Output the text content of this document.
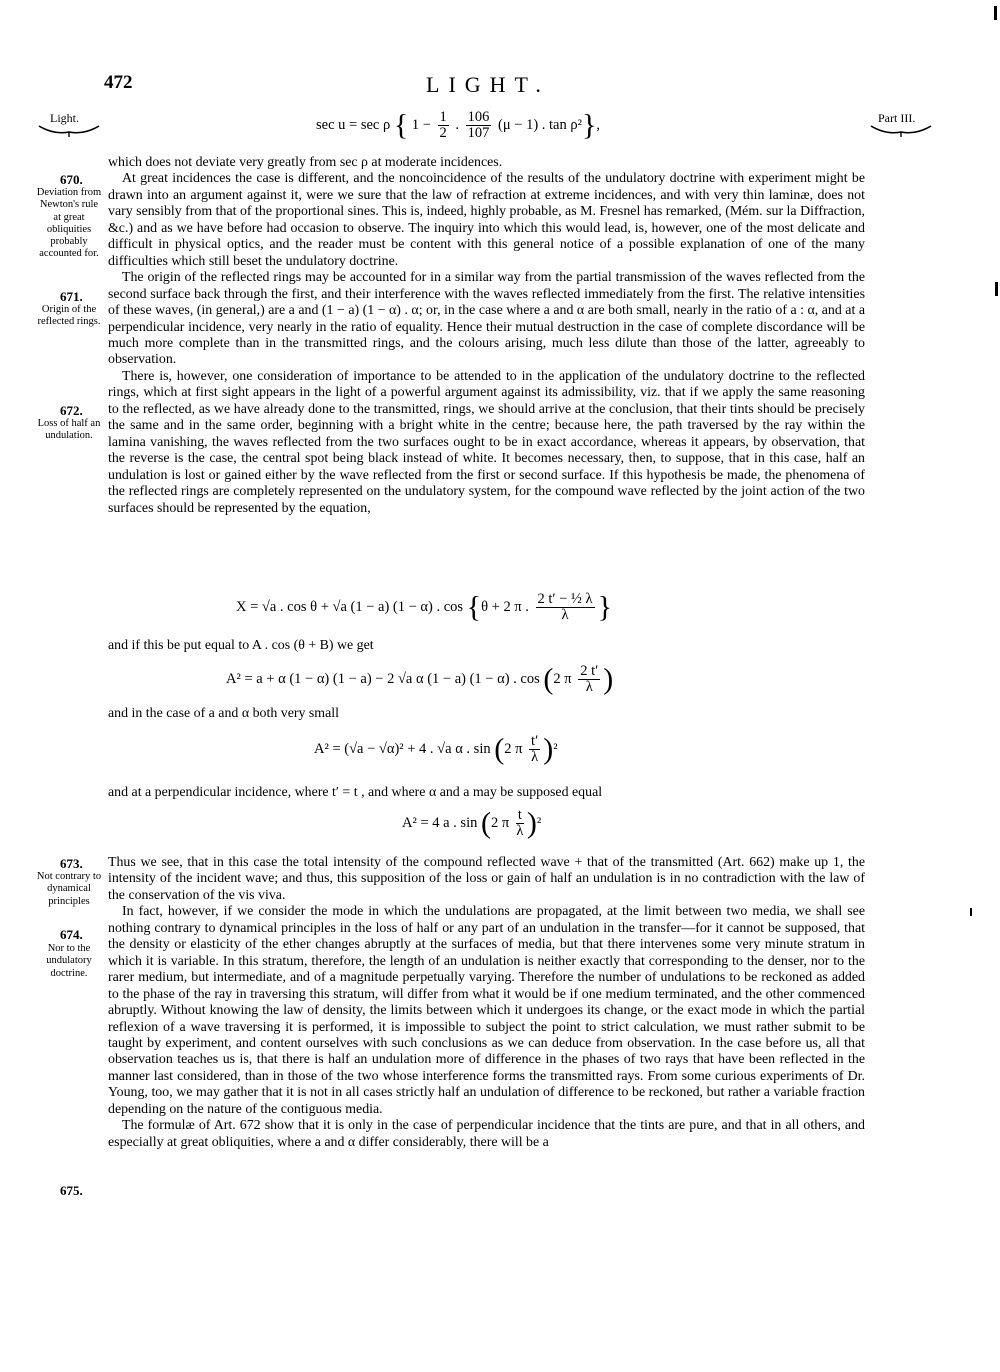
472	LIGHT.
Light.	Part III.
sec u = sec ρ { $1 - \frac{1}{2}$ . $\frac{106}{107} (\mu - 1)$ . tan ρ²},
670.
Deviation from Newton's rule at great obliquities probably accounted for.
671.
Origin of the reflected rings.
672.
Loss of half an undulation.
673.
Not contrary to dynamical principles
674.
Nor to the undulatory doctrine.
675.

which does not deviate very greatly from sec ρ at moderate incidences.

At great incidences the case is different, and the noncoincidence of the results of the undulatory doctrine with experiment might be drawn into an argument against it, were we sure that the law of refraction at extreme incidences, and with very thin laminæ, does not vary sensibly from that of the proportional sines. This is, indeed, highly probable, as M. Fresnel has remarked, (Mém. sur la Diffraction, &c.) and as we have before had occasion to observe. The inquiry into which this would lead, is, however, one of the most delicate and difficult in physical optics, and the reader must be content with this general notice of a possible explanation of one of the many difficulties which still beset the undulatory doctrine.

The origin of the reflected rings may be accounted for in a similar way from the partial transmission of the waves reflected from the second surface back through the first, and their interference with the waves reflected immediately from the first. The relative intensities of these waves, (in general,) are a and (1 − a) (1 − α) . α; or, in the case where a and α are both small, nearly in the ratio of a : α, and at a perpendicular incidence, very nearly in the ratio of equality. Hence their mutual destruction in the case of complete discordance will be much more complete than in the transmitted rings, and the colours arising, much less dilute than those of the latter, agreeably to observation.

There is, however, one consideration of importance to be attended to in the application of the undulatory doctrine to the reflected rings, which at first sight appears in the light of a powerful argument against its admissibility, viz. that if we apply the same reasoning to the reflected, as we have already done to the transmitted, rings, we should arrive at the conclusion, that their tints should be precisely the same and in the same order, beginning with a bright white in the centre; because here, the path traversed by the ray within the lamina vanishing, the waves reflected from the two surfaces ought to be in exact accordance, whereas it appears, by observation, that the reverse is the case, the central spot being black instead of white. It becomes necessary, then, to suppose, that in this case, half an undulation is lost or gained either by the wave reflected from the first or second surface. If this hypothesis be made, the phenomena of the reflected rings are completely represented on the undulatory system, for the compound wave reflected by the joint action of the two surfaces should be represented by the equation,

X = √a . cos θ + √a (1 − a) (1 − α) . cos {θ + 2 π . $\frac{\text{2 t′ − ½ λ}}{\lambda}$ }

and if this be put equal to A . cos (θ + B) we get

A² = a + α (1 − α) (1 − a) − 2 √a α (1 − a) (1 − α) . cos (2 π $\frac{2 t'}{\lambda}$ )

and in the case of a and α both very small

A² = (√a − √α)² + 4 . √a α . sin (2 π $\frac{t'}{\lambda} )^2$

and at a perpendicular incidence, where t′ = t , and where α and a may be supposed equal

A² = 4 a . sin (2 π $\frac{t}{\lambda} )^2$

Thus we see, that in this case the total intensity of the compound reflected wave + that of the transmitted (Art. 662) make up 1, the intensity of the incident wave; and thus, this supposition of the loss or gain of half an undulation is in no contradiction with the law of the conservation of the vis viva.

In fact, however, if we consider the mode in which the undulations are propagated, at the limit between two media, we shall see nothing contrary to dynamical principles in the loss of half or any part of an undulation in the transfer—for it cannot be supposed, that the density or elasticity of the ether changes abruptly at the surfaces of media, but that there intervenes some very minute stratum in which it is variable. In this stratum, therefore, the length of an undulation is neither exactly that corresponding to the denser, nor to the rarer medium, but intermediate, and of a magnitude perpetually varying. Therefore the number of undulations to be reckoned as added to the phase of the ray in traversing this stratum, will differ from what it would be if one medium terminated, and the other commenced abruptly. Without knowing the law of density, the limits between which it undergoes its change, or the exact mode in which the partial reflexion of a wave traversing it is performed, it is impossible to subject the point to strict calculation, we must rather submit to be taught by experiment, and content ourselves with such conclusions as we can deduce from observation. In the case before us, all that observation teaches us is, that there is half an undulation more of difference in the phases of two rays that have been reflected in the manner last considered, than in those of the two whose interference forms the transmitted rays. From some curious experiments of Dr. Young, too, we may gather that it is not in all cases strictly half an undulation of difference to be reckoned, but rather a variable fraction depending on the nature of the contiguous media.

The formulæ of Art. 672 show that it is only in the case of perpendicular incidence that the tints are pure, and that in all others, and especially at great obliquities, where a and α differ considerably, there will be a
